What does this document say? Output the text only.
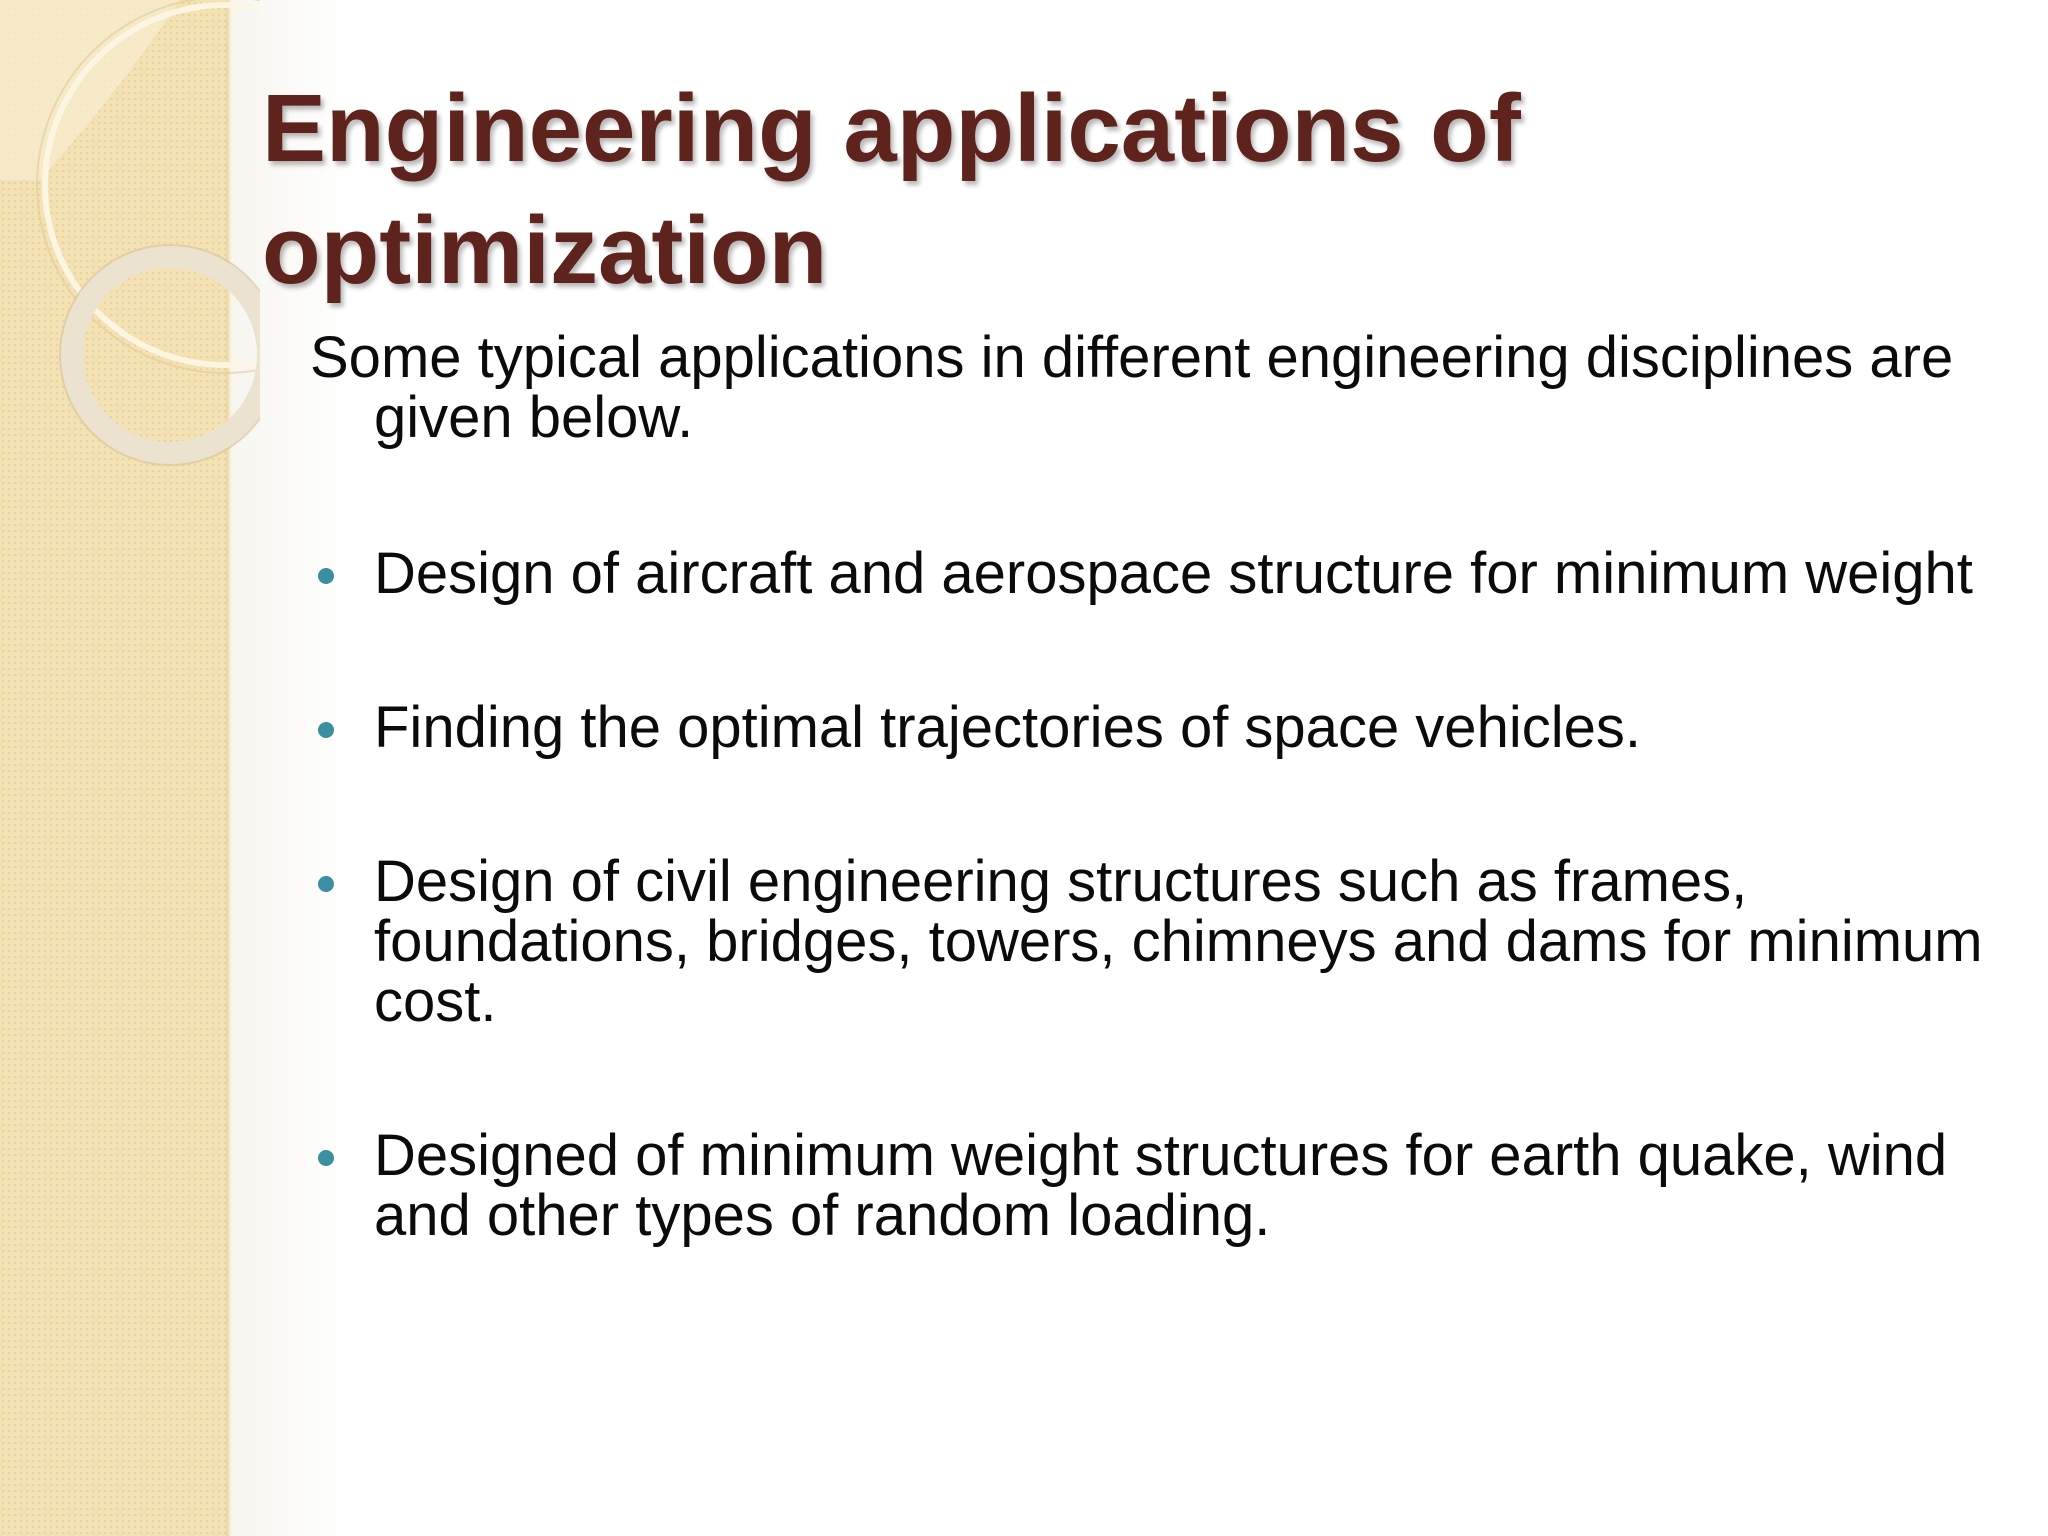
Engineering applications of optimization

Some typical applications in different engineering disciplines are given below.

Design of aircraft and aerospace structure for minimum weight
Finding the optimal trajectories of space vehicles.
Design of civil engineering structures such as frames, foundations, bridges, towers, chimneys and dams for minimum cost.
Designed of minimum weight structures for earth quake, wind and other types of random loading.
